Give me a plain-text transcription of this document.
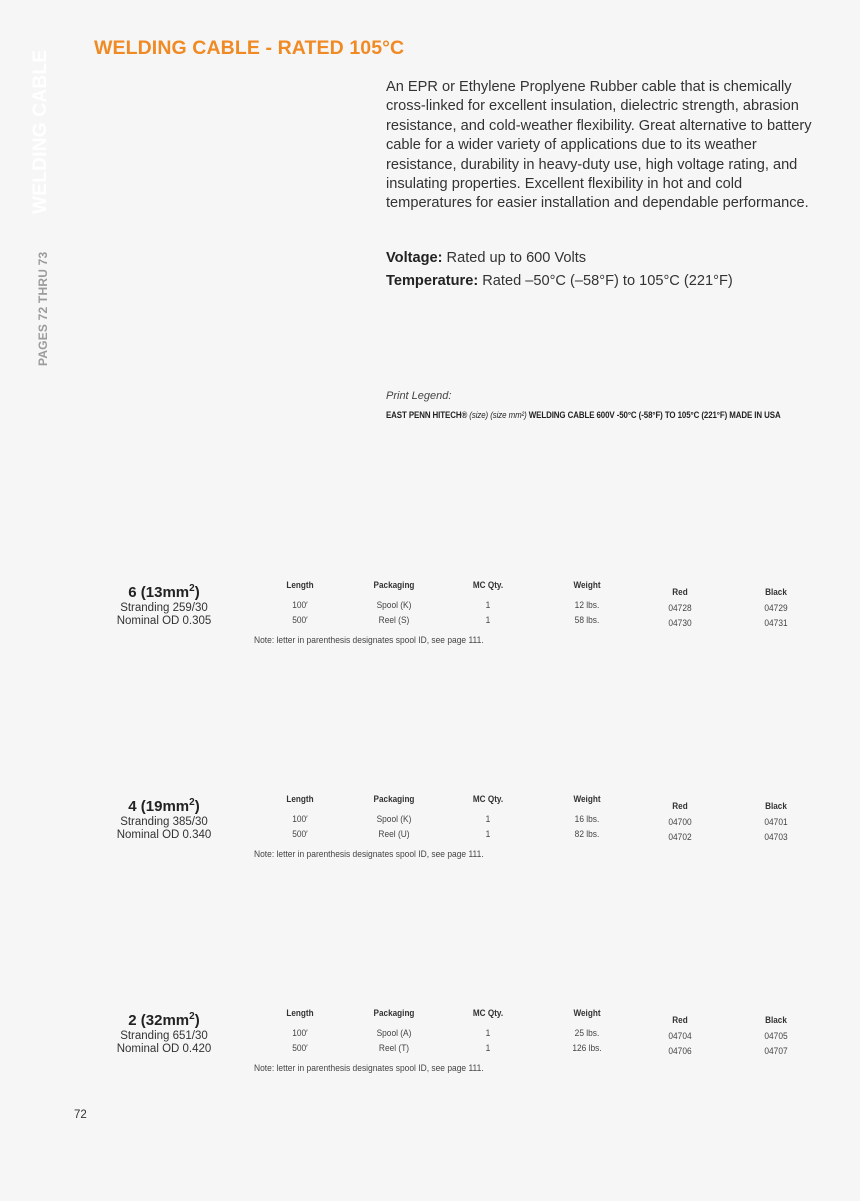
WELDING CABLE
PAGES 72 THRU 73
WELDING CABLE - RATED 105°C

An EPR or Ethylene Proplyene Rubber cable that is chemically cross-linked for excellent insulation, dielectric strength, abrasion resistance, and cold-weather flexibility. Great alternative to battery cable for a wider variety of applications due to its weather resistance, durability in heavy-duty use, high voltage rating, and insulating properties. Excellent flexibility in hot and cold temperatures for easier installation and dependable performance.

Voltage: Rated up to 600 Volts
Temperature: Rated –50°C (–58°F) to 105°C (221°F)
Print Legend:
EAST PENN HITECH® (size) (size mm²) WELDING CABLE 600V -50°C (-58°F) TO 105°C (221°F) MADE IN USA
6 $(13mm^2)$
Stranding 259/30
Nominal OD 0.305
Length
100′
500′
Packaging
Spool (K)
Reel (S)
MC Qty.
1
1
Weight
12 lbs.
58 lbs.
Red
04728
04730
Black
04729
04731
Note: letter in parenthesis designates spool ID, see page 111.
4 $(19mm^2)$
Stranding 385/30
Nominal OD 0.340
Length
100′
500′
Packaging
Spool (K)
Reel (U)
MC Qty.
1
1
Weight
16 lbs.
82 lbs.
Red
04700
04702
Black
04701
04703
Note: letter in parenthesis designates spool ID, see page 111.
2 $(32mm^2)$
Stranding 651/30
Nominal OD 0.420
Length
100′
500′
Packaging
Spool (A)
Reel (T)
MC Qty.
1
1
Weight
25 lbs.
126 lbs.
Red
04704
04706
Black
04705
04707
Note: letter in parenthesis designates spool ID, see page 111.
72
